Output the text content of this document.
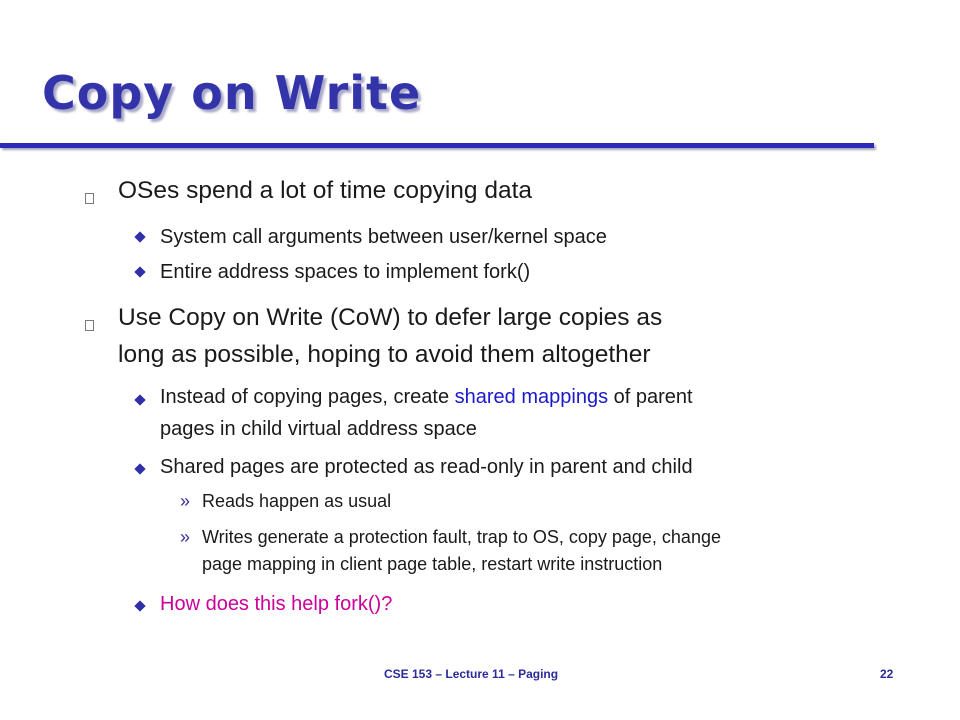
Copy on Write
OSes spend a lot of time copying data
System call arguments between user/kernel space
Entire address spaces to implement fork()
Use Copy on Write (CoW) to defer large copies as
long as possible, hoping to avoid them altogether
Instead of copying pages, create shared mappings of parent
pages in child virtual address space
Shared pages are protected as read-only in parent and child
» Reads happen as usual
» Writes generate a protection fault, trap to OS, copy page, change
page mapping in client page table, restart write instruction
How does this help fork()?
CSE 153 – Lecture 11 – Paging	22
